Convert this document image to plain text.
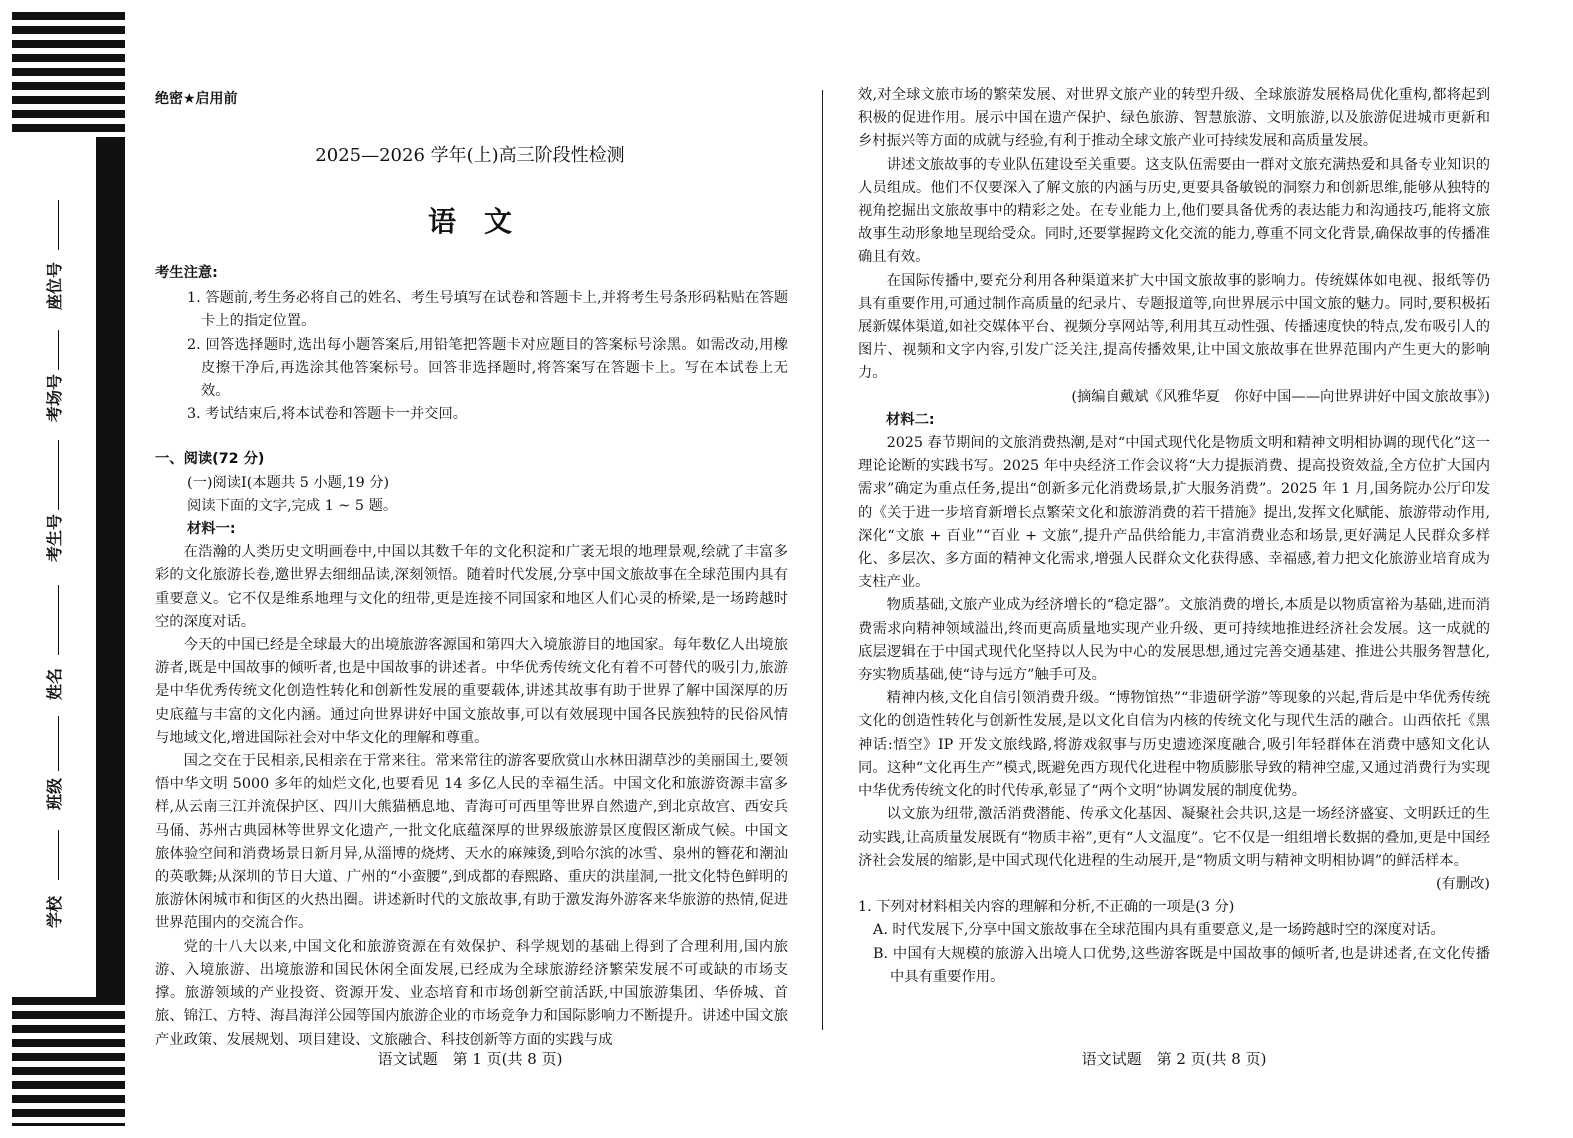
座位号
考场号
考生号
姓名
班级
学校
线
订
装
绝密★启用前
2025—2026 学年(上)高三阶段性检测
语　文

考生注意:

1. 答题前,考生务必将自己的姓名、考生号填写在试卷和答题卡上,并将考生号条形码粘贴在答题卡上的指定位置。

2. 回答选择题时,选出每小题答案后,用铅笔把答题卡对应题目的答案标号涂黑。如需改动,用橡皮擦干净后,再选涂其他答案标号。回答非选择题时,将答案写在答题卡上。写在本试卷上无效。

3. 考试结束后,将本试卷和答题卡一并交回。

一、阅读(72 分)

(一)阅读Ⅰ(本题共 5 小题,19 分)

阅读下面的文字,完成 1 ~ 5 题。

材料一:

在浩瀚的人类历史文明画卷中,中国以其数千年的文化积淀和广袤无垠的地理景观,绘就了丰富多彩的文化旅游长卷,邀世界去细细品读,深刻领悟。随着时代发展,分享中国文旅故事在全球范围内具有重要意义。它不仅是维系地理与文化的纽带,更是连接不同国家和地区人们心灵的桥梁,是一场跨越时空的深度对话。

今天的中国已经是全球最大的出境旅游客源国和第四大入境旅游目的地国家。每年数亿人出境旅游者,既是中国故事的倾听者,也是中国故事的讲述者。中华优秀传统文化有着不可替代的吸引力,旅游是中华优秀传统文化创造性转化和创新性发展的重要载体,讲述其故事有助于世界了解中国深厚的历史底蕴与丰富的文化内涵。通过向世界讲好中国文旅故事,可以有效展现中国各民族独特的民俗风情与地域文化,增进国际社会对中华文化的理解和尊重。

国之交在于民相亲,民相亲在于常来往。常来常往的游客要欣赏山水林田湖草沙的美丽国土,要领悟中华文明 5000 多年的灿烂文化,也要看见 14 多亿人民的幸福生活。中国文化和旅游资源丰富多样,从云南三江并流保护区、四川大熊猫栖息地、青海可可西里等世界自然遗产,到北京故宫、西安兵马俑、苏州古典园林等世界文化遗产,一批文化底蕴深厚的世界级旅游景区度假区渐成气候。中国文旅体验空间和消费场景日新月异,从淄博的烧烤、天水的麻辣烫,到哈尔滨的冰雪、泉州的簪花和潮汕的英歌舞;从深圳的节日大道、广州的“小蛮腰”,到成都的春熙路、重庆的洪崖洞,一批文化特色鲜明的旅游休闲城市和街区的火热出圈。讲述新时代的文旅故事,有助于激发海外游客来华旅游的热情,促进世界范围内的交流合作。

党的十八大以来,中国文化和旅游资源在有效保护、科学规划的基础上得到了合理利用,国内旅游、入境旅游、出境旅游和国民休闲全面发展,已经成为全球旅游经济繁荣发展不可或缺的市场支撑。旅游领域的产业投资、资源开发、业态培育和市场创新空前活跃,中国旅游集团、华侨城、首旅、锦江、方特、海昌海洋公园等国内旅游企业的市场竞争力和国际影响力不断提升。讲述中国文旅产业政策、发展规划、项目建设、文旅融合、科技创新等方面的实践与成

效,对全球文旅市场的繁荣发展、对世界文旅产业的转型升级、全球旅游发展格局优化重构,都将起到积极的促进作用。展示中国在遗产保护、绿色旅游、智慧旅游、文明旅游,以及旅游促进城市更新和乡村振兴等方面的成就与经验,有利于推动全球文旅产业可持续发展和高质量发展。

讲述文旅故事的专业队伍建设至关重要。这支队伍需要由一群对文旅充满热爱和具备专业知识的人员组成。他们不仅要深入了解文旅的内涵与历史,更要具备敏锐的洞察力和创新思维,能够从独特的视角挖掘出文旅故事中的精彩之处。在专业能力上,他们要具备优秀的表达能力和沟通技巧,能将文旅故事生动形象地呈现给受众。同时,还要掌握跨文化交流的能力,尊重不同文化背景,确保故事的传播准确且有效。

在国际传播中,要充分利用各种渠道来扩大中国文旅故事的影响力。传统媒体如电视、报纸等仍具有重要作用,可通过制作高质量的纪录片、专题报道等,向世界展示中国文旅的魅力。同时,要积极拓展新媒体渠道,如社交媒体平台、视频分享网站等,利用其互动性强、传播速度快的特点,发布吸引人的图片、视频和文字内容,引发广泛关注,提高传播效果,让中国文旅故事在世界范围内产生更大的影响力。

(摘编自戴斌《风雅华夏　你好中国——向世界讲好中国文旅故事》)

材料二:

2025 春节期间的文旅消费热潮,是对“中国式现代化是物质文明和精神文明相协调的现代化”这一理论论断的实践书写。2025 年中央经济工作会议将“大力提振消费、提高投资效益,全方位扩大国内需求”确定为重点任务,提出“创新多元化消费场景,扩大服务消费”。2025 年 1 月,国务院办公厅印发的《关于进一步培育新增长点繁荣文化和旅游消费的若干措施》提出,发挥文化赋能、旅游带动作用,深化“文旅 + 百业”“百业 + 文旅”,提升产品供给能力,丰富消费业态和场景,更好满足人民群众多样化、多层次、多方面的精神文化需求,增强人民群众文化获得感、幸福感,着力把文化旅游业培育成为支柱产业。

物质基础,文旅产业成为经济增长的“稳定器”。文旅消费的增长,本质是以物质富裕为基础,进而消费需求向精神领域溢出,终而更高质量地实现产业升级、更可持续地推进经济社会发展。这一成就的底层逻辑在于中国式现代化坚持以人民为中心的发展思想,通过完善交通基建、推进公共服务智慧化,夯实物质基础,使“诗与远方”触手可及。

精神内核,文化自信引领消费升级。“博物馆热”“非遗研学游”等现象的兴起,背后是中华优秀传统文化的创造性转化与创新性发展,是以文化自信为内核的传统文化与现代生活的融合。山西依托《黑神话:悟空》IP 开发文旅线路,将游戏叙事与历史遗迹深度融合,吸引年轻群体在消费中感知文化认同。这种“文化再生产”模式,既避免西方现代化进程中物质膨胀导致的精神空虚,又通过消费行为实现中华优秀传统文化的时代传承,彰显了“两个文明”协调发展的制度优势。

以文旅为纽带,激活消费潜能、传承文化基因、凝聚社会共识,这是一场经济盛宴、文明跃迁的生动实践,让高质量发展既有“物质丰裕”,更有“人文温度”。它不仅是一组组增长数据的叠加,更是中国经济社会发展的缩影,是中国式现代化进程的生动展开,是“物质文明与精神文明相协调”的鲜活样本。

(有删改)

1. 下列对材料相关内容的理解和分析,不正确的一项是(3 分)

A. 时代发展下,分享中国文旅故事在全球范围内具有重要意义,是一场跨越时空的深度对话。

B. 中国有大规模的旅游入出境人口优势,这些游客既是中国故事的倾听者,也是讲述者,在文化传播中具有重要作用。

语文试题　第 1 页(共 8 页)	语文试题　第 2 页(共 8 页)
